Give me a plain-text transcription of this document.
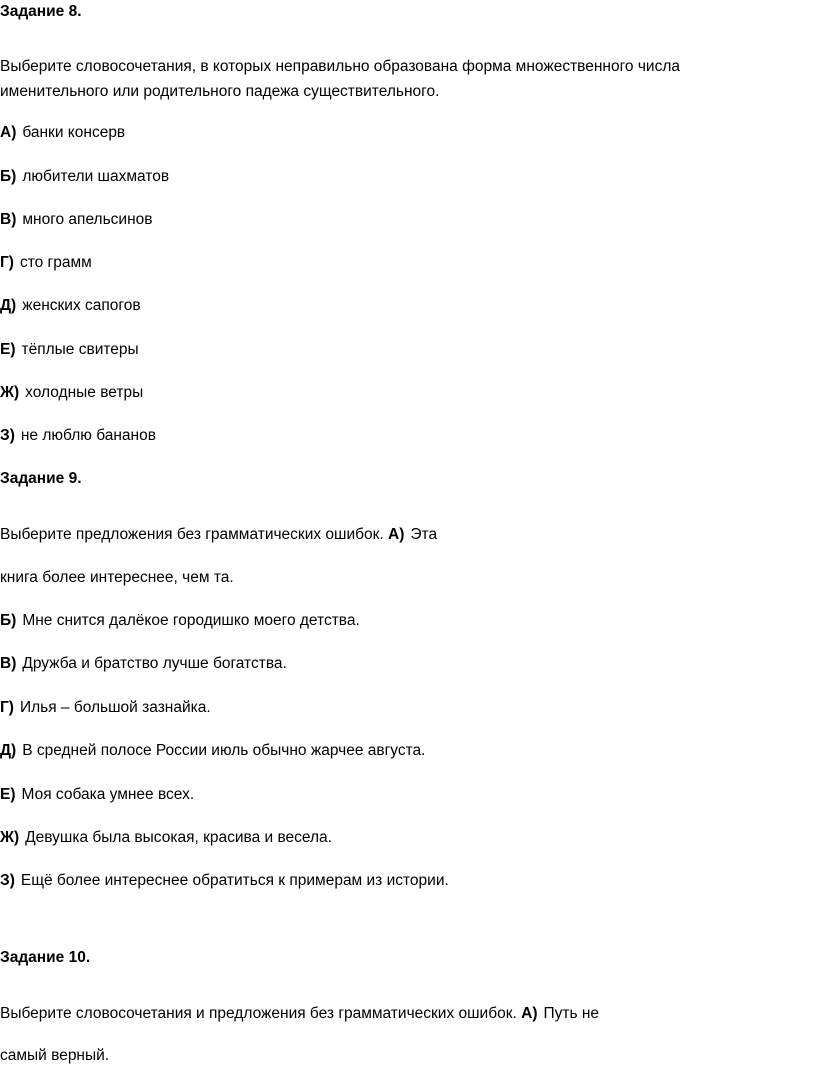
Задание 8.
Выберите словосочетания, в которых неправильно образована форма множественного числа
именительного или родительного падежа существительного.
А) банки консерв
Б) любители шахматов
В) много апельсинов
Г) сто грамм
Д) женских сапогов
Е) тёплые свитеры
Ж) холодные ветры
З) не люблю бананов
Задание 9.
Выберите предложения без грамматических ошибок. А) Эта
книга более интереснее, чем та.
Б) Мне снится далёкое городишко моего детства.
В) Дружба и братство лучше богатства.
Г) Илья – большой зазнайка.
Д) В средней полосе России июль обычно жарчее августа.
Е) Моя собака умнее всех.
Ж) Девушка была высокая, красива и весела.
З) Ещё более интереснее обратиться к примерам из истории.
Задание 10.
Выберите словосочетания и предложения без грамматических ошибок. А) Путь не
самый верный.
